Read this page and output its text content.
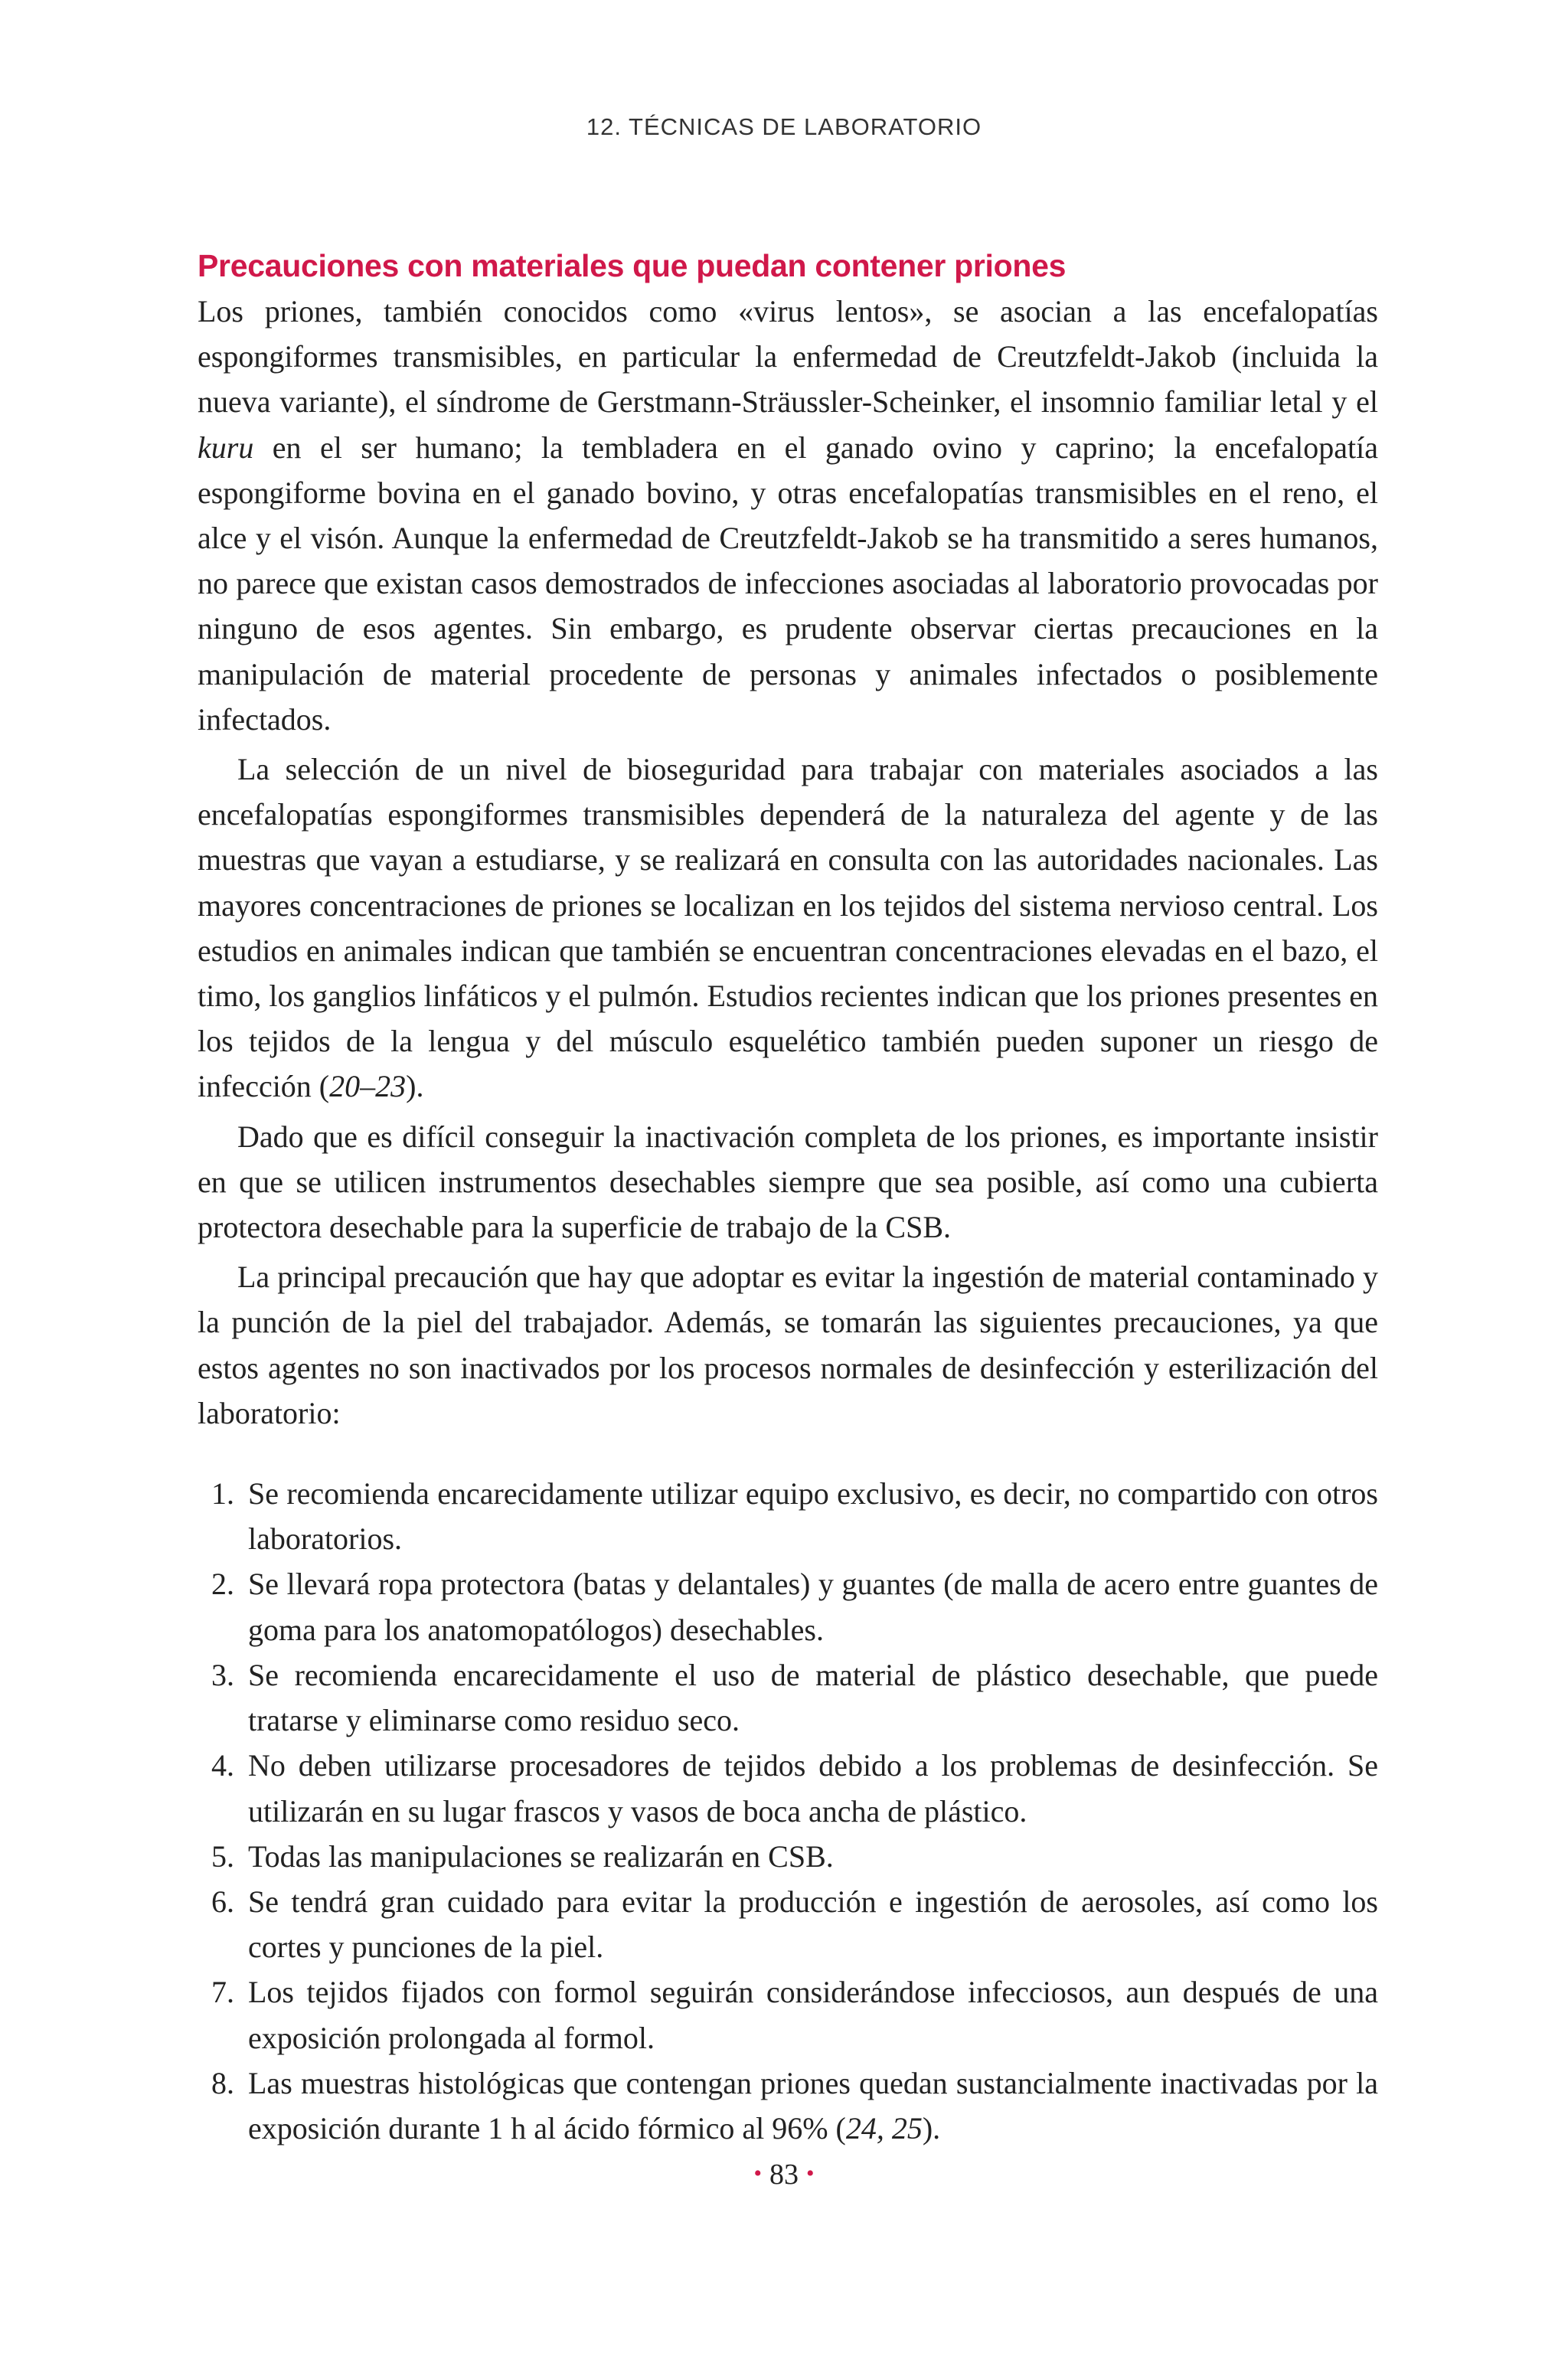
12. TÉCNICAS DE LABORATORIO
Precauciones con materiales que puedan contener priones

Los priones, también conocidos como «virus lentos», se asocian a las encefalopatías espongiformes transmisibles, en particular la enfermedad de Creutzfeldt-Jakob (incluida la nueva variante), el síndrome de Gerstmann-Sträussler-Scheinker, el insomnio familiar letal y el kuru en el ser humano; la tembladera en el ganado ovino y caprino; la encefalopatía espongiforme bovina en el ganado bovino, y otras encefalopatías transmisibles en el reno, el alce y el visón. Aunque la enfermedad de Creutzfeldt-Jakob se ha transmitido a seres humanos, no parece que existan casos demostrados de infecciones asociadas al laboratorio provocadas por ninguno de esos agentes. Sin embargo, es prudente observar ciertas precauciones en la manipulación de material procedente de personas y animales infectados o posiblemente infectados.

La selección de un nivel de bioseguridad para trabajar con materiales asociados a las encefalopatías espongiformes transmisibles dependerá de la naturaleza del agente y de las muestras que vayan a estudiarse, y se realizará en consulta con las autoridades nacionales. Las mayores concentraciones de priones se localizan en los tejidos del sistema nervioso central. Los estudios en animales indican que también se encuentran concentraciones elevadas en el bazo, el timo, los ganglios linfáticos y el pulmón. Estudios recientes indican que los priones presentes en los tejidos de la lengua y del músculo esquelético también pueden suponer un riesgo de infección (20–23).

Dado que es difícil conseguir la inactivación completa de los priones, es importante insistir en que se utilicen instrumentos desechables siempre que sea posible, así como una cubierta protectora desechable para la superficie de trabajo de la CSB.

La principal precaución que hay que adoptar es evitar la ingestión de material contaminado y la punción de la piel del trabajador. Además, se tomarán las siguientes precauciones, ya que estos agentes no son inactivados por los procesos normales de desinfección y esterilización del laboratorio:

1. Se recomienda encarecidamente utilizar equipo exclusivo, es decir, no compartido con otros laboratorios.
2. Se llevará ropa protectora (batas y delantales) y guantes (de malla de acero entre guantes de goma para los anatomopatólogos) desechables.
3. Se recomienda encarecidamente el uso de material de plástico desechable, que puede tratarse y eliminarse como residuo seco.
4. No deben utilizarse procesadores de tejidos debido a los problemas de desinfección. Se utilizarán en su lugar frascos y vasos de boca ancha de plástico.
5. Todas las manipulaciones se realizarán en CSB.
6. Se tendrá gran cuidado para evitar la producción e ingestión de aerosoles, así como los cortes y punciones de la piel.
7. Los tejidos fijados con formol seguirán considerándose infecciosos, aun después de una exposición prolongada al formol.
8. Las muestras histológicas que contengan priones quedan sustancialmente inactivadas por la exposición durante 1 h al ácido fórmico al 96% (24, 25).
• 83 •
